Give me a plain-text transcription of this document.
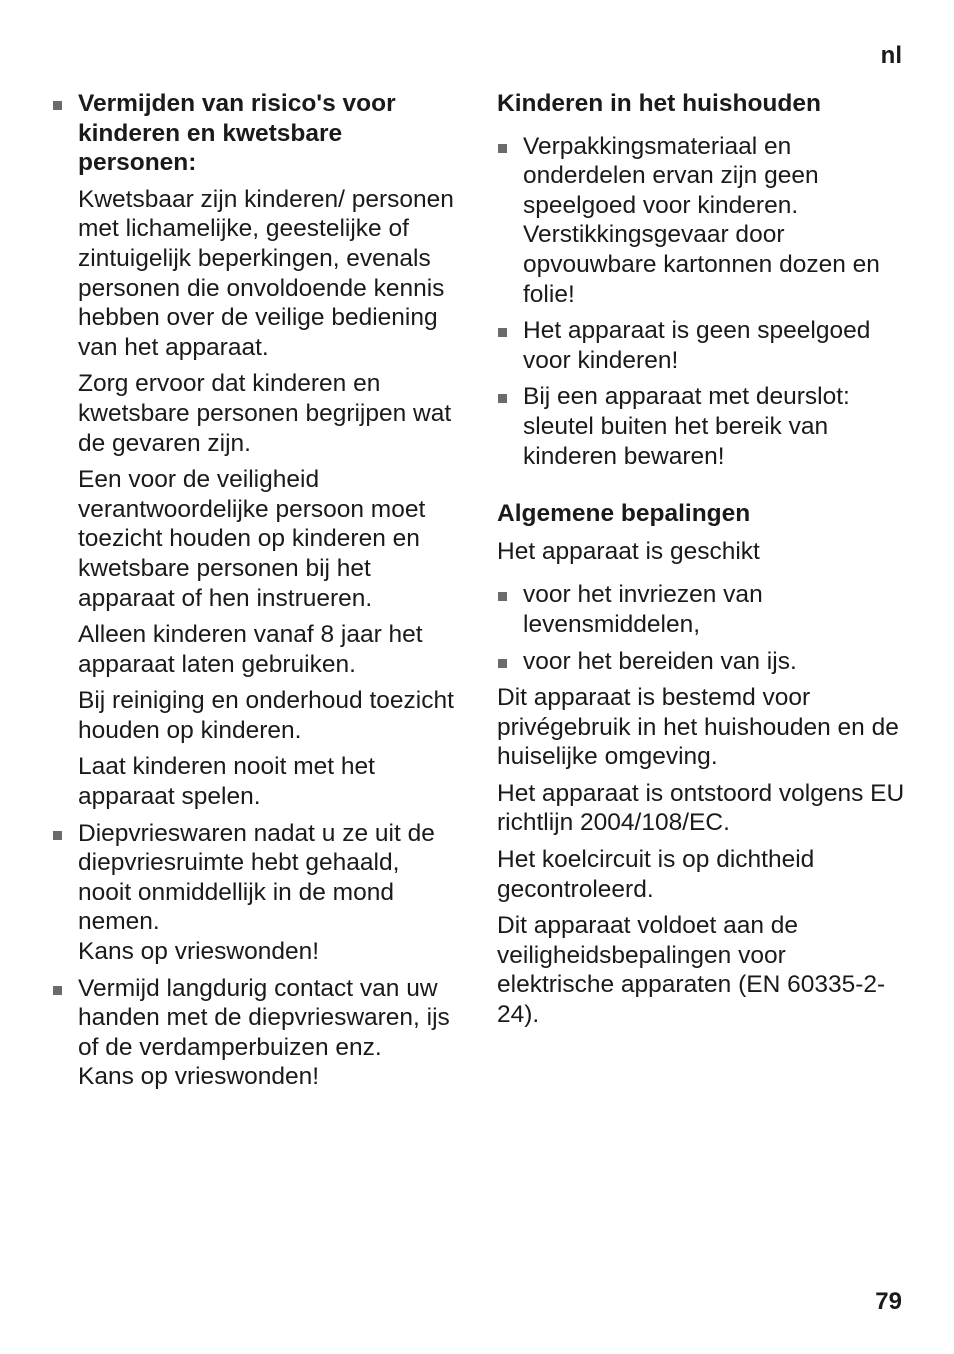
nl
Vermijden van risico's voor kinderen en kwetsbare personen:
Kwetsbaar zijn kinderen/ personen met lichamelijke, geestelijke of zintuigelijk beperkingen, evenals personen die onvoldoende kennis hebben over de veilige bediening van het apparaat.
Zorg ervoor dat kinderen en kwetsbare personen begrijpen wat de gevaren zijn.
Een voor de veiligheid verantwoordelijke persoon moet toezicht houden op kinderen en kwetsbare personen bij het apparaat of hen instrueren.
Alleen kinderen vanaf 8 jaar het apparaat laten gebruiken.
Bij reiniging en onderhoud toezicht houden op kinderen.
Laat kinderen nooit met het apparaat spelen.
Diepvrieswaren nadat u ze uit de diepvriesruimte hebt gehaald, nooit onmiddellijk in de mond nemen.
Kans op vrieswonden!
Vermijd langdurig contact van uw handen met de diepvrieswaren, ijs of de verdamperbuizen enz.
Kans op vrieswonden!
Kinderen in het huishouden
Verpakkingsmateriaal en onderdelen ervan zijn geen speelgoed voor kinderen. Verstikkingsgevaar door opvouwbare kartonnen dozen en folie!
Het apparaat is geen speelgoed voor kinderen!
Bij een apparaat met deurslot: sleutel buiten het bereik van kinderen bewaren!
Algemene bepalingen
Het apparaat is geschikt
voor het invriezen van levensmiddelen,
voor het bereiden van ijs.
Dit apparaat is bestemd voor privégebruik in het huishouden en de huiselijke omgeving.
Het apparaat is ontstoord volgens EU richtlijn 2004/108/EC.
Het koelcircuit is op dichtheid gecontroleerd.
Dit apparaat voldoet aan de veiligheidsbepalingen voor elektrische apparaten (EN 60335-2-24).
79
